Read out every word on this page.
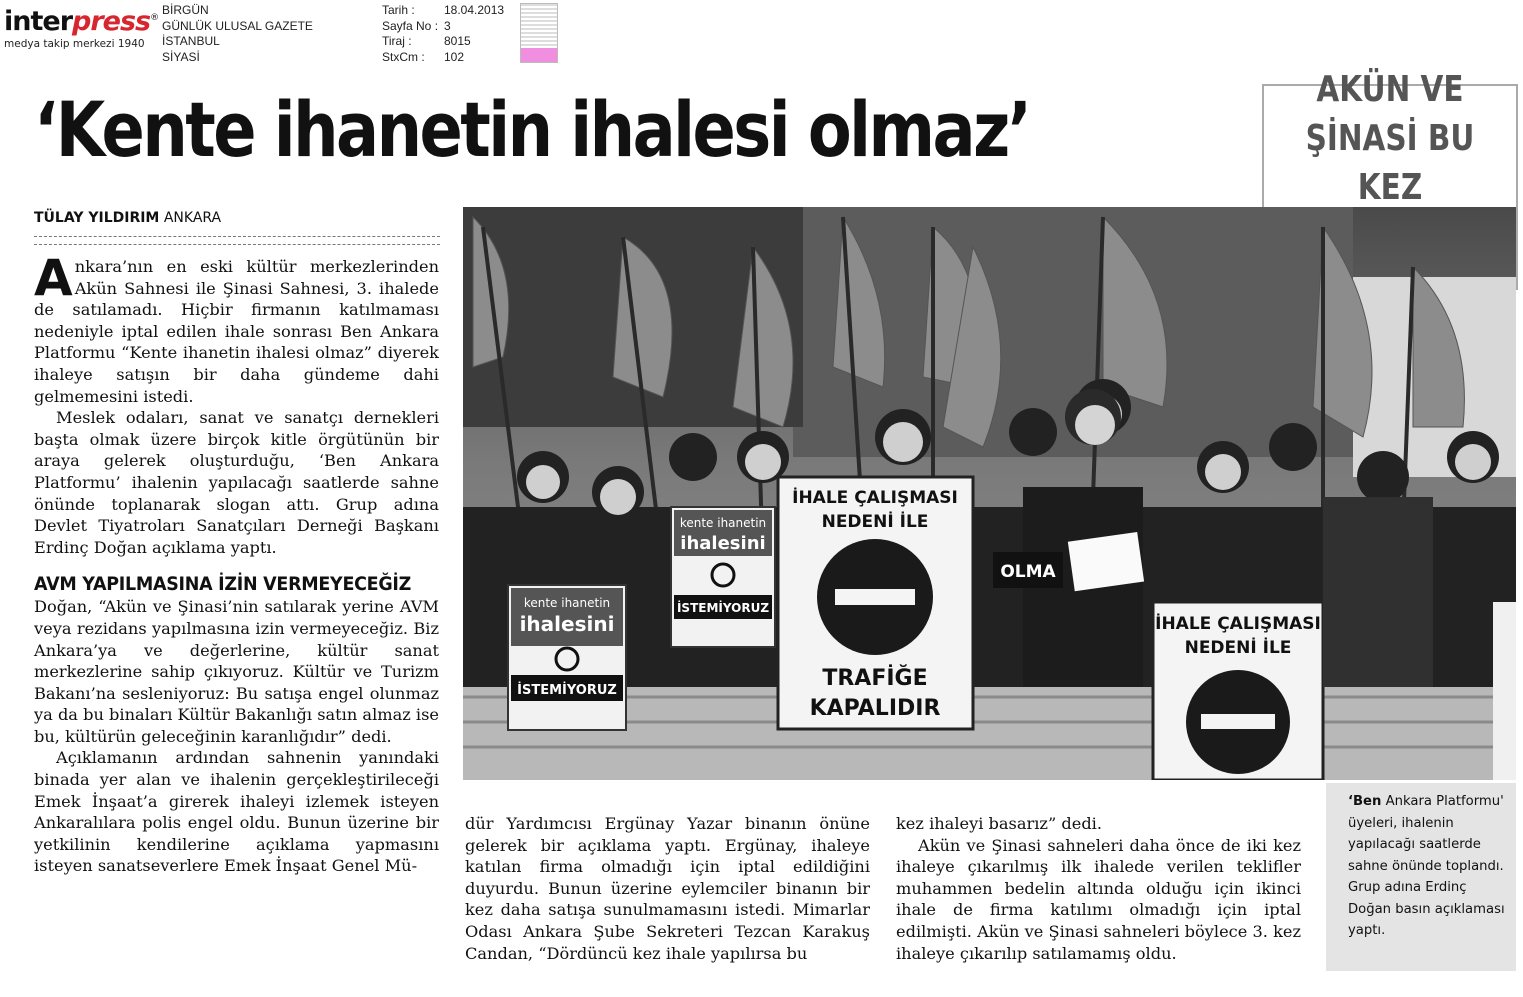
interpress®
medya takip merkezi 1940
BİRGÜN
GÜNLÜK ULUSAL GAZETE
İSTANBUL
SİYASİ
Tarih : 18.04.2013
Sayfa No : 3
Tiraj :	8015
StxCm : 102
‘Kente ihanetin ihalesi olmaz’	AKÜN VE
ŞİNASİ BU KEZ
TÜLAY YILDIRIM ANKARA

Ankara’nın en eski kültür merkezlerinden Akün Sahnesi ile Şinasi Sahnesi, 3. ihalede de satılamadı. Hiçbir firmanın katılmaması nedeniyle iptal edilen ihale sonrası Ben Ankara Platformu “Kente ihanetin ihalesi olmaz” diyerek ihaleye satışın bir daha gündeme dahi gelmemesini istedi.

Meslek odaları, sanat ve sanatçı dernekleri başta olmak üzere birçok kitle örgütünün bir araya gelerek oluşturduğu, ‘Ben Ankara Platformu’ ihalenin yapılacağı saatlerde sahne önünde toplanarak slogan attı. Grup adına Devlet Tiyatroları Sanatçıları Derneği Başkanı Erdinç Doğan açıklama yaptı.

AVM YAPILMASINA İZİN VERMEYECEĞİZ

Doğan, “Akün ve Şinasi’nin satılarak yerine AVM veya rezidans yapılmasına izin vermeyeceğiz. Biz Ankara’ya ve değerlerine, kültür sanat merkezlerine sahip çıkıyoruz. Kültür ve Turizm Bakanı’na sesleniyoruz: Bu satışa engel olunmaz ya da bu binaları Kültür Bakanlığı satın almaz ise bu, kültürün geleceğinin karanlığıdır” dedi.

Açıklamanın ardından sahnenin yanındaki binada yer alan ve ihalenin gerçekleştirileceği Emek İnşaat’a girerek ihaleyi izlemek isteyen Ankaralılara polis engel oldu. Bunun üzerine bir yetkilinin kendilerine açıklama yapmasını isteyen sanatseverlere Emek İnşaat Genel Mü-

kente ihanetin
ihalesini
İSTEMİYORUZ
kente ihanetin
ihalesini
İSTEMİYORUZ
İHALE ÇALIŞMASI
NEDENİ İLE
TRAFİĞE
KAPALIDIR
İHALE ÇALIŞMASI
NEDENİ İLE
OLMA
‘Ben Ankara Platformu' üyeleri, ihalenin yapılacağı saatlerde sahne önünde toplandı. Grup adına Erdinç Doğan basın açıklaması yaptı.

dür Yardımcısı Ergünay Yazar binanın önüne gelerek bir açıklama yaptı. Ergünay, ihaleye katılan firma olmadığı için iptal edildiğini duyurdu. Bunun üzerine eylemciler binanın bir kez daha satışa sunulmamasını istedi. Mimarlar Odası Ankara Şube Sekreteri Tezcan Karakuş Candan, “Dördüncü kez ihale yapılırsa bu

kez ihaleyi basarız” dedi.

Akün ve Şinasi sahneleri daha önce de iki kez ihaleye çıkarılmış ilk ihalede verilen teklifler muhammen bedelin altında olduğu için ikinci ihale de firma katılımı olmadığı için iptal edilmişti. Akün ve Şinasi sahneleri böylece 3. kez ihaleye çıkarılıp satılamamış oldu.
